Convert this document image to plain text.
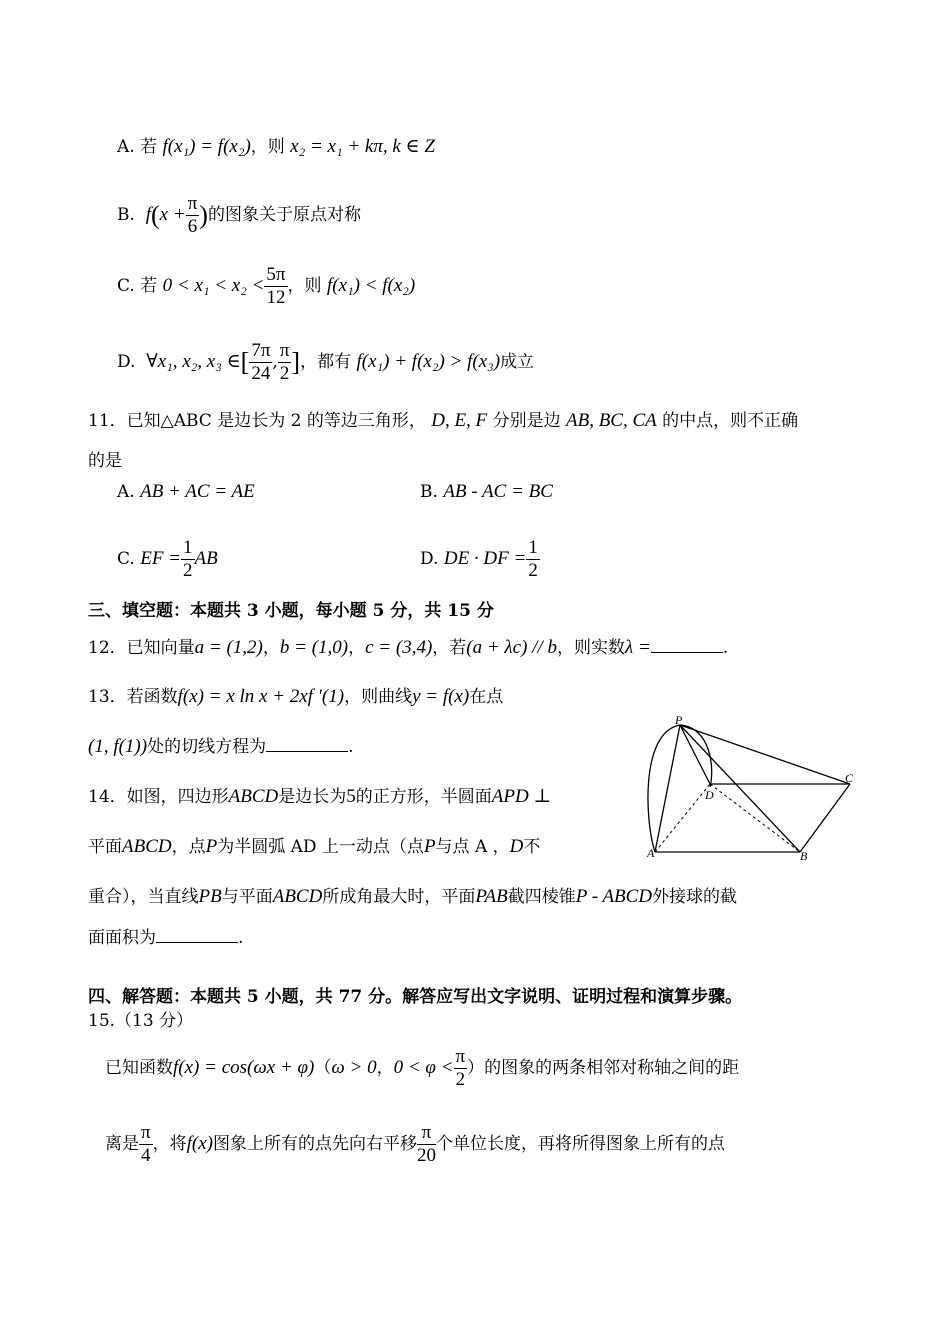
A. 若 f(x₁) = f(x₂)，则 x₂ = x₁ + kπ, k ∈ Z
B. $f(x + \frac{\pi}{6}$ )的图象关于原点对称
C. 若 $0 < x_1 < x_2 < \frac{5\pi}{12}$ ，则 f(x₁) < f(x₂)
D. ∀x₁, x₂, x₃ ∈[ $\frac{7\pi}{24}$ , $\frac{\pi}{2}$ ]，都有 f(x₁) + f(x₂) > f(x₃)成立
11．已知△ABC 是边长为 2 的等边三角形， D, E, F 分别是边 AB, BC, CA 的中点，则不正确
的是
A. AB + AC = AE	B. AB - AC = BC
C. EF = $\frac{1}{2}$ AB	D. DE · DF = $\frac{1}{2}$
三、填空题：本题共 3 小题，每小题 5 分，共 15 分
12．已知向量a = (1,2)，b = (1,0)，c = (3,4)，若(a + λc) // b，则实数λ =	.
13．若函数f(x) = x ln x + 2xf ′(1)，则曲线y = f(x)在点
(1, f(1))处的切线方程为	.
14．如图，四边形ABCD是边长为5的正方形，半圆面APD ⊥
平面ABCD，点P为半圆弧 AD 上一动点（点P与点 A ，D不
重合），当直线PB与平面ABCD所成角最大时，平面PAB截四棱锥P - ABCD外接球的截
面面积为	.
P
A	B
C
D
四、解答题：本题共 5 小题，共 77 分。解答应写出文字说明、证明过程和演算步骤。
15.（13 分）
已知函数f(x) = cos(ωx + φ)（ω > 0，$0 < \varphi < \frac{\pi}{2}$ ）的图象的两条相邻对称轴之间的距
离是 $\frac{\pi}{4}$ ，将f(x)图象上所有的点先向右平移 $\frac{\pi}{20}$ 个单位长度，再将所得图象上所有的点
